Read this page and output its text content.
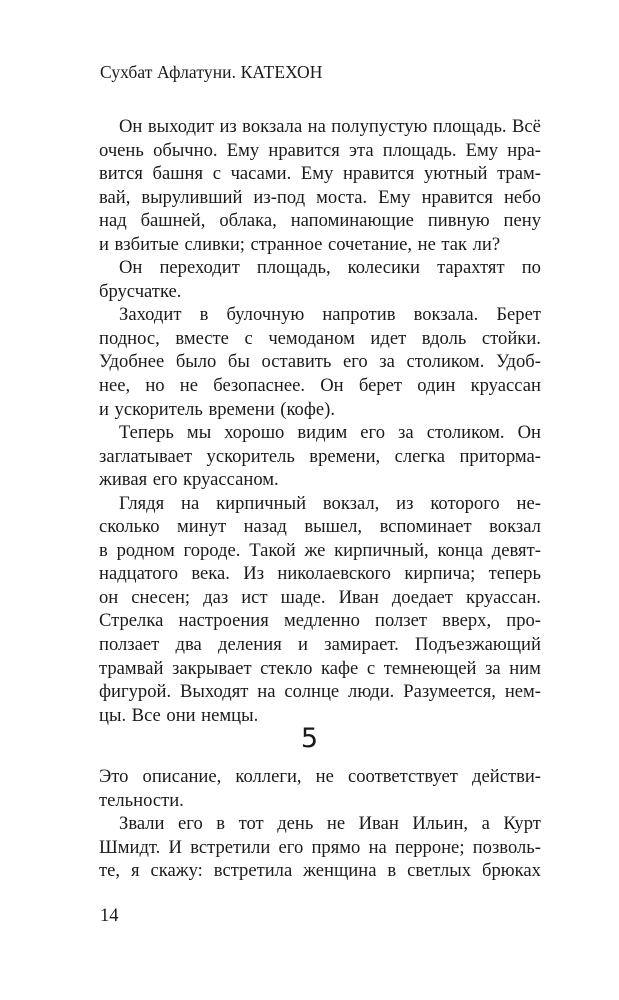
Сухбат Афлатуни. КАТЕХОН
Он выходит из вокзала на полупустую площадь. Всё
очень обычно. Ему нравится эта площадь. Ему нра-
вится башня с часами. Ему нравится уютный трам-
вай, выруливший из-под моста. Ему нравится небо
над башней, облака, напоминающие пивную пену
и взбитые сливки; странное сочетание, не так ли?
Он переходит площадь, колесики тарахтят по
брусчатке.
Заходит в булочную напротив вокзала. Берет
поднос, вместе с чемоданом идет вдоль стойки.
Удобнее было бы оставить его за столиком. Удоб-
нее, но не безопаснее. Он берет один круассан
и ускоритель времени (кофе).
Теперь мы хорошо видим его за столиком. Он
заглатывает ускоритель времени, слегка приторма-
живая его круассаном.
Глядя на кирпичный вокзал, из которого не-
сколько минут назад вышел, вспоминает вокзал
в родном городе. Такой же кирпичный, конца девят-
надцатого века. Из николаевского кирпича; теперь
он снесен; даз ист шаде. Иван доедает круассан.
Стрелка настроения медленно ползет вверх, про-
ползает два деления и замирает. Подъезжающий
трамвай закрывает стекло кафе с темнеющей за ним
фигурой. Выходят на солнце люди. Разумеется, нем-
цы. Все они немцы.
5
Это описание, коллеги, не соответствует действи-
тельности.
Звали его в тот день не Иван Ильин, а Курт
Шмидт. И встретили его прямо на перроне; позволь-
те, я скажу: встретила женщина в светлых брюках
14
